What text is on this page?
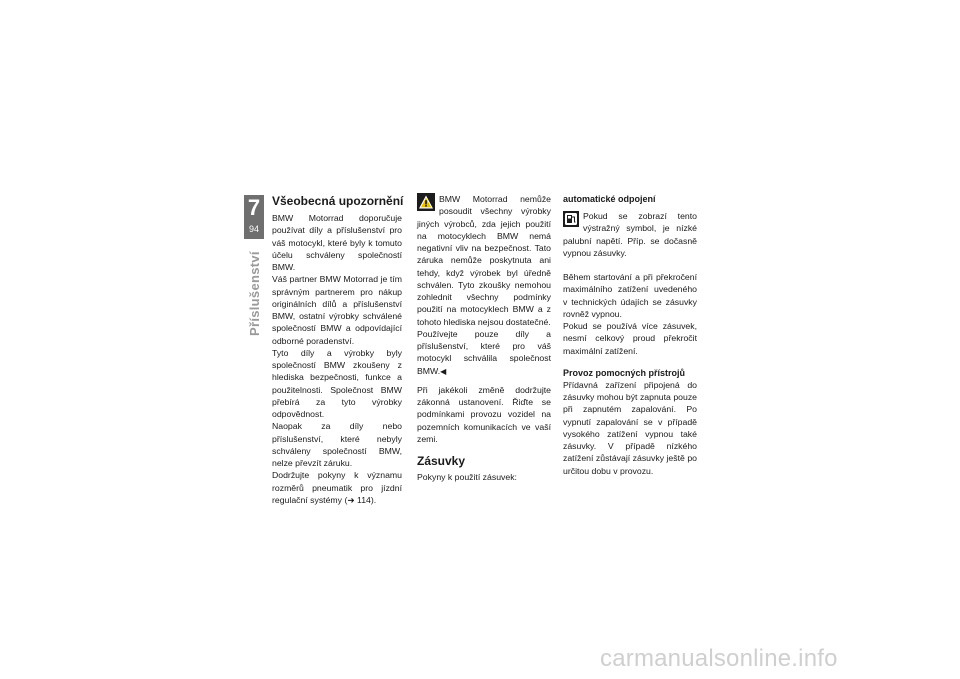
7
94
Příslušenství
Všeobecná upozornění

BMW Motorrad doporučuje používat díly a příslušenství pro váš motocykl, které byly k tomuto účelu schváleny společností BMW.

Váš partner BMW Motorrad je tím správným partnerem pro nákup originálních dílů a příslušenství BMW, ostatní výrobky schválené společností BMW a odpovídající odborné poradenství.

Tyto díly a výrobky byly společností BMW zkoušeny z hlediska bezpečnosti, funkce a použitelnosti. Společnost BMW přebírá za tyto výrobky odpovědnost.

Naopak za díly nebo příslušenství, které nebyly schváleny společností BMW, nelze převzít záruku.

Dodržujte pokyny k významu rozměrů pneumatik pro jízdní regulační systémy (➜ 114).

BMW Motorrad nemůže posoudit všechny výrobky jiných výrobců, zda jejich použití na motocyklech BMW nemá negativní vliv na bezpečnost. Tato záruka nemůže poskytnuta ani tehdy, když výrobek byl úředně schválen. Tyto zkoušky nemohou zohlednit všechny podmínky použití na motocyklech BMW a z tohoto hlediska nejsou dostatečné.

Používejte pouze díly a příslušenství, které pro váš motocykl schválila společnost BMW.◀

Při jakékoli změně dodržujte zákonná ustanovení. Řiďte se podmínkami provozu vozidel na pozemních komunikacích ve vaší zemi.

Zásuvky

Pokyny k použití zásuvek:

automatické odpojení

Pokud se zobrazí tento výstražný symbol, je nízké palubní napětí. Příp. se dočasně vypnou zásuvky.

Během startování a při překročení maximálního zatížení uvedeného v technických údajích se zásuvky rovněž vypnou.

Pokud se používá více zásuvek, nesmí celkový proud překročit maximální zatížení.

Provoz pomocných přístrojů

Přídavná zařízení připojená do zásuvky mohou být zapnuta pouze při zapnutém zapalování. Po vypnutí zapalování se v případě vysokého zatížení vypnou také zásuvky. V případě nízkého zatížení zůstávají zásuvky ještě po určitou dobu v provozu.

carmanualsonline.info
